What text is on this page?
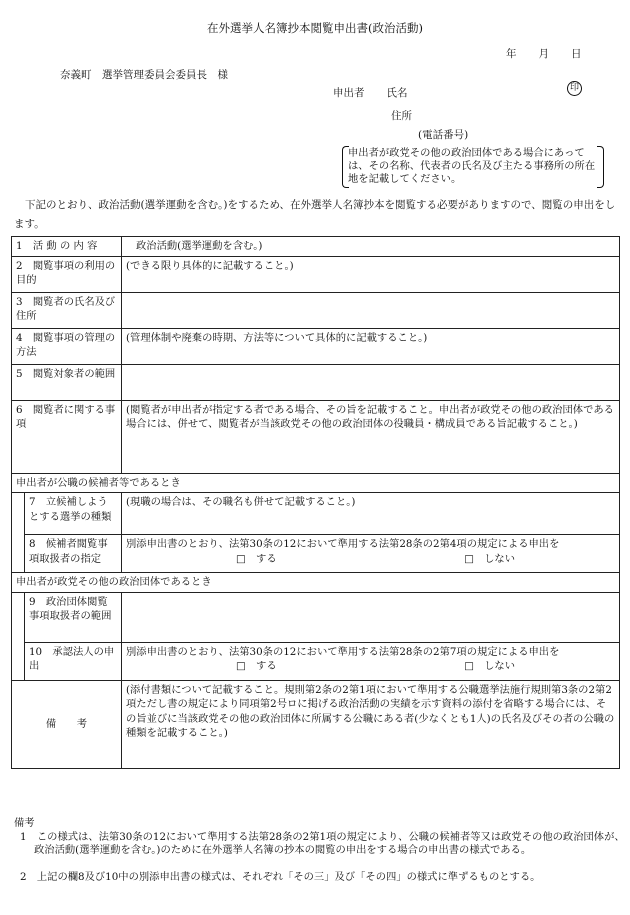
在外選挙人名簿抄本閲覧申出書(政治活動)
年 月 日
奈義町　選挙管理委員会委員長　様
申出者 氏名	印
住所
(電話番号)
申出者が政党その他の政治団体である場合にあっては、その名称、代表者の氏名及び主たる事務所の所在地を記載してください。
下記のとおり、政治活動(選挙運動を含む。)をするため、在外選挙人名簿抄本を閲覧する必要がありますので、閲覧の申出をします。
1　活 動 の 内 容		政治活動(選挙運動を含む。)
2　閲覧事項の利用の目的		(できる限り具体的に記載すること。)
3　閲覧者の氏名及び住所		
4　閲覧事項の管理の方法		(管理体制や廃棄の時期、方法等について具体的に記載すること。)
5　閲覧対象者の範囲		
6　閲覧者に関する事項		(閲覧者が申出者が指定する者である場合、その旨を記載すること。申出者が政党その他の政治団体である場合には、併せて、閲覧者が当該政党その他の政治団体の役職員・構成員である旨記載すること。)
申出者が公職の候補者等であるとき		
	7　立候補しようとする選挙の種類	(現職の場合は、その職名も併せて記載すること。)
	8　候補者閲覧事項取扱者の指定	別添申出書のとおり、法第30条の12において準用する法第28条の2第4項の規定による申出を
□　する □　しない

申出者が政党その他の政治団体であるとき		
	9　政治団体閲覧事項取扱者の範囲	
	10　承認法人の申出	別添申出書のとおり、法第30条の12において準用する法第28条の2第7項の規定による申出を
□　する □　しない

備　　考		(添付書類について記載すること。規則第2条の2第1項において準用する公職選挙法施行規則第3条の2第2項ただし書の規定により同項第2号ロに掲げる政治活動の実績を示す資料の添付を省略する場合には、その旨並びに当該政党その他の政治団体に所属する公職にある者(少なくとも1人)の氏名及びその者の公職の種類を記載すること。)
備考
1　この様式は、法第30条の12において準用する法第28条の2第1項の規定により、公職の候補者等又は政党その他の政治団体が、政治活動(選挙運動を含む。)のために在外選挙人名簿の抄本の閲覧の申出をする場合の申出書の様式である。
2　上記の欄8及び10中の別添申出書の様式は、それぞれ「その三」及び「その四」の様式に準ずるものとする。
